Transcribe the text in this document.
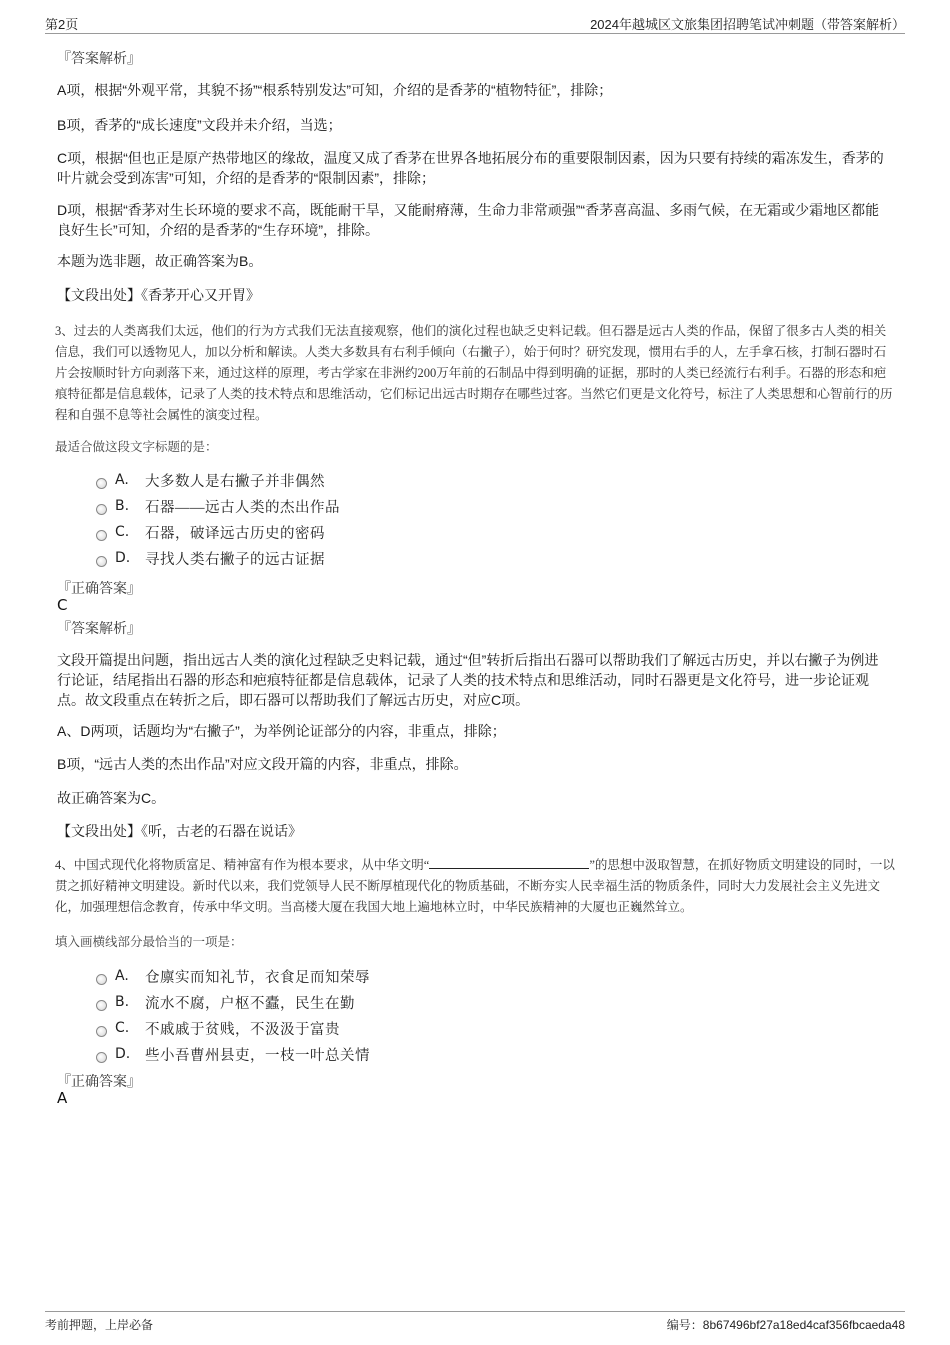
第2页	2024年越城区文旅集团招聘笔试冲刺题（带答案解析）
『答案解析』
A项，根据“外观平常，其貌不扬”“根系特别发达”可知，介绍的是香茅的“植物特征”，排除；
B项，香茅的“成长速度”文段并未介绍，当选；
C项，根据“但也正是原产热带地区的缘故，温度又成了香茅在世界各地拓展分布的重要限制因素，因为只要有持续的霜冻发生，香茅的叶片就会受到冻害”可知，介绍的是香茅的“限制因素”，排除；
D项，根据“香茅对生长环境的要求不高，既能耐干旱，又能耐瘠薄，生命力非常顽强”“香茅喜高温、多雨气候，在无霜或少霜地区都能良好生长”可知，介绍的是香茅的“生存环境”，排除。
本题为选非题，故正确答案为B。
【文段出处】《香茅开心又开胃》
3、过去的人类离我们太远，他们的行为方式我们无法直接观察，他们的演化过程也缺乏史料记载。但石器是远古人类的作品，保留了很多古人类的相关信息，我们可以透物见人，加以分析和解读。人类大多数具有右利手倾向（右撇子），始于何时？研究发现，惯用右手的人，左手拿石核，打制石器时石片会按顺时针方向剥落下来，通过这样的原理，考古学家在非洲约200万年前的石制品中得到明确的证据，那时的人类已经流行右利手。石器的形态和疤痕特征都是信息载体，记录了人类的技术特点和思维活动，它们标记出远古时期存在哪些过客。当然它们更是文化符号，标注了人类思想和心智前行的历程和自强不息等社会属性的演变过程。
最适合做这段文字标题的是：
A.	大多数人是右撇子并非偶然
B.	石器——远古人类的杰出作品
C.	石器，破译远古历史的密码
D.	寻找人类右撇子的远古证据
『正确答案』
C
『答案解析』
文段开篇提出问题，指出远古人类的演化过程缺乏史料记载，通过“但”转折后指出石器可以帮助我们了解远古历史，并以右撇子为例进行论证，结尾指出石器的形态和疤痕特征都是信息载体，记录了人类的技术特点和思维活动，同时石器更是文化符号，进一步论证观点。故文段重点在转折之后，即石器可以帮助我们了解远古历史，对应C项。
A、D两项，话题均为“右撇子”，为举例论证部分的内容，非重点，排除；
B项，“远古人类的杰出作品”对应文段开篇的内容，非重点，排除。
故正确答案为C。
【文段出处】《听，古老的石器在说话》
4、中国式现代化将物质富足、精神富有作为根本要求，从中华文明“	”的思想中汲取智慧，在抓好物质文明建设的同时，一以贯之抓好精神文明建设。新时代以来，我们党领导人民不断厚植现代化的物质基础，不断夯实人民幸福生活的物质条件，同时大力发展社会主义先进文化，加强理想信念教育，传承中华文明。当高楼大厦在我国大地上遍地林立时，中华民族精神的大厦也正巍然耸立。
填入画横线部分最恰当的一项是：
A.	仓廪实而知礼节，衣食足而知荣辱
B.	流水不腐，户枢不蠹，民生在勤
C.	不戚戚于贫贱，不汲汲于富贵
D.	些小吾曹州县吏，一枝一叶总关情
『正确答案』
A
考前押题，上岸必备	编号：8b67496bf27a18ed4caf356fbcaeda48
